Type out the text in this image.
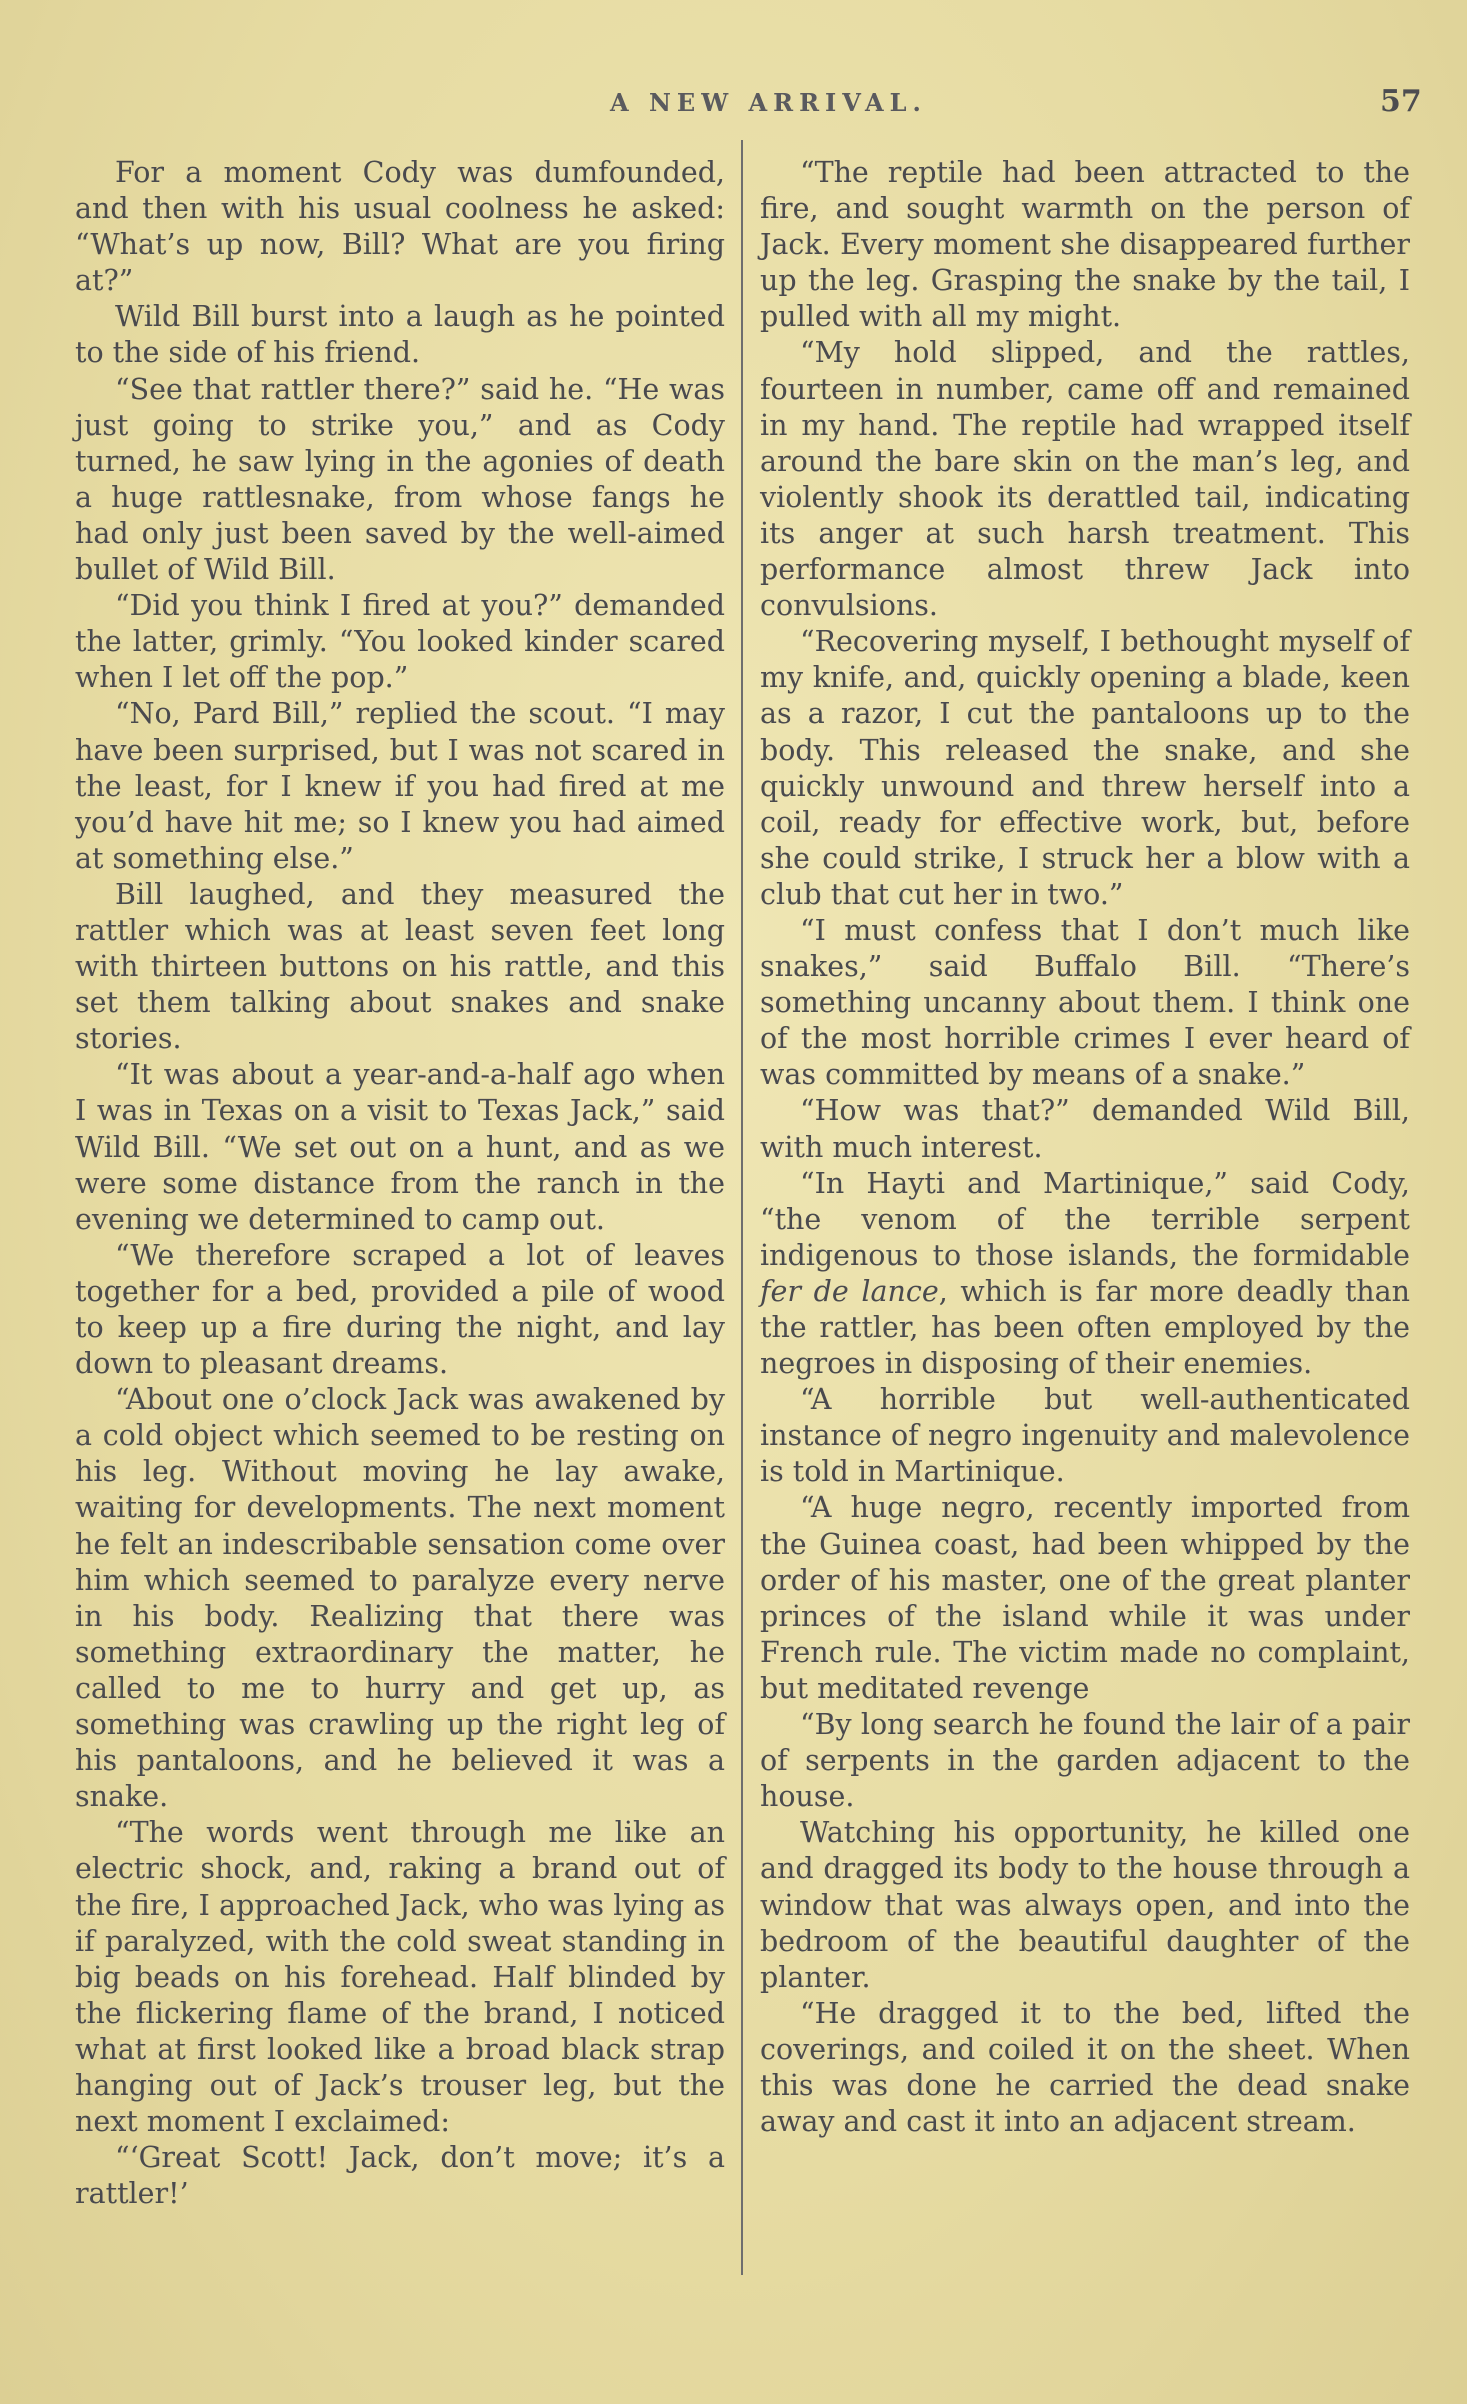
A NEW ARRIVAL.	57

For a moment Cody was dumfounded, and then with his usual coolness he asked: “What’s up now, Bill? What are you firing at?”

Wild Bill burst into a laugh as he pointed to the side of his friend.

“See that rattler there?” said he. “He was just going to strike you,” and as Cody turned, he saw lying in the agonies of death a huge rattlesnake, from whose fangs he had only just been saved by the well-aimed bullet of Wild Bill.

“Did you think I fired at you?” demanded the latter, grimly. “You looked kinder scared when I let off the pop.”

“No, Pard Bill,” replied the scout. “I may have been surprised, but I was not scared in the least, for I knew if you had fired at me you’d have hit me; so I knew you had aimed at something else.”

Bill laughed, and they measured the rattler which was at least seven feet long with thirteen buttons on his rattle, and this set them talking about snakes and snake stories.

“It was about a year-and-a-half ago when I was in Texas on a visit to Texas Jack,” said Wild Bill. “We set out on a hunt, and as we were some distance from the ranch in the evening we determined to camp out.

“We therefore scraped a lot of leaves together for a bed, provided a pile of wood to keep up a fire during the night, and lay down to pleasant dreams.

“About one o’clock Jack was awakened by a cold object which seemed to be resting on his leg. Without moving he lay awake, waiting for developments. The next moment he felt an indescribable sensation come over him which seemed to paralyze every nerve in his body. Realizing that there was something extraordinary the matter, he called to me to hurry and get up, as something was crawling up the right leg of his pantaloons, and he believed it was a snake.

“The words went through me like an electric shock, and, raking a brand out of the fire, I approached Jack, who was lying as if paralyzed, with the cold sweat standing in big beads on his forehead. Half blinded by the flickering flame of the brand, I noticed what at first looked like a broad black strap hanging out of Jack’s trouser leg, but the next moment I exclaimed:

“‘Great Scott! Jack, don’t move; it’s a rattler!’

“The reptile had been attracted to the fire, and sought warmth on the person of Jack. Every moment she disappeared further up the leg. Grasping the snake by the tail, I pulled with all my might.

“My hold slipped, and the rattles, fourteen in number, came off and remained in my hand. The reptile had wrapped itself around the bare skin on the man’s leg, and violently shook its derattled tail, indicating its anger at such harsh treatment. This performance almost threw Jack into convulsions.

“Recovering myself, I bethought myself of my knife, and, quickly opening a blade, keen as a razor, I cut the pantaloons up to the body. This released the snake, and she quickly unwound and threw herself into a coil, ready for effective work, but, before she could strike, I struck her a blow with a club that cut her in two.”

“I must confess that I don’t much like snakes,” said Buffalo Bill. “There’s something uncanny about them. I think one of the most horrible crimes I ever heard of was committed by means of a snake.”

“How was that?” demanded Wild Bill, with much interest.

“In Hayti and Martinique,” said Cody, “the venom of the terrible serpent indigenous to those islands, the formidable fer de lance, which is far more deadly than the rattler, has been often employed by the negroes in disposing of their enemies.

“A horrible but well-authenticated instance of negro ingenuity and malevolence is told in Martinique.

“A huge negro, recently imported from the Guinea coast, had been whipped by the order of his master, one of the great planter princes of the island while it was under French rule. The victim made no complaint, but meditated revenge

“By long search he found the lair of a pair of serpents in the garden adjacent to the house.

Watching his opportunity, he killed one and dragged its body to the house through a window that was always open, and into the bedroom of the beautiful daughter of the planter.

“He dragged it to the bed, lifted the coverings, and coiled it on the sheet. When this was done he carried the dead snake away and cast it into an adjacent stream.
